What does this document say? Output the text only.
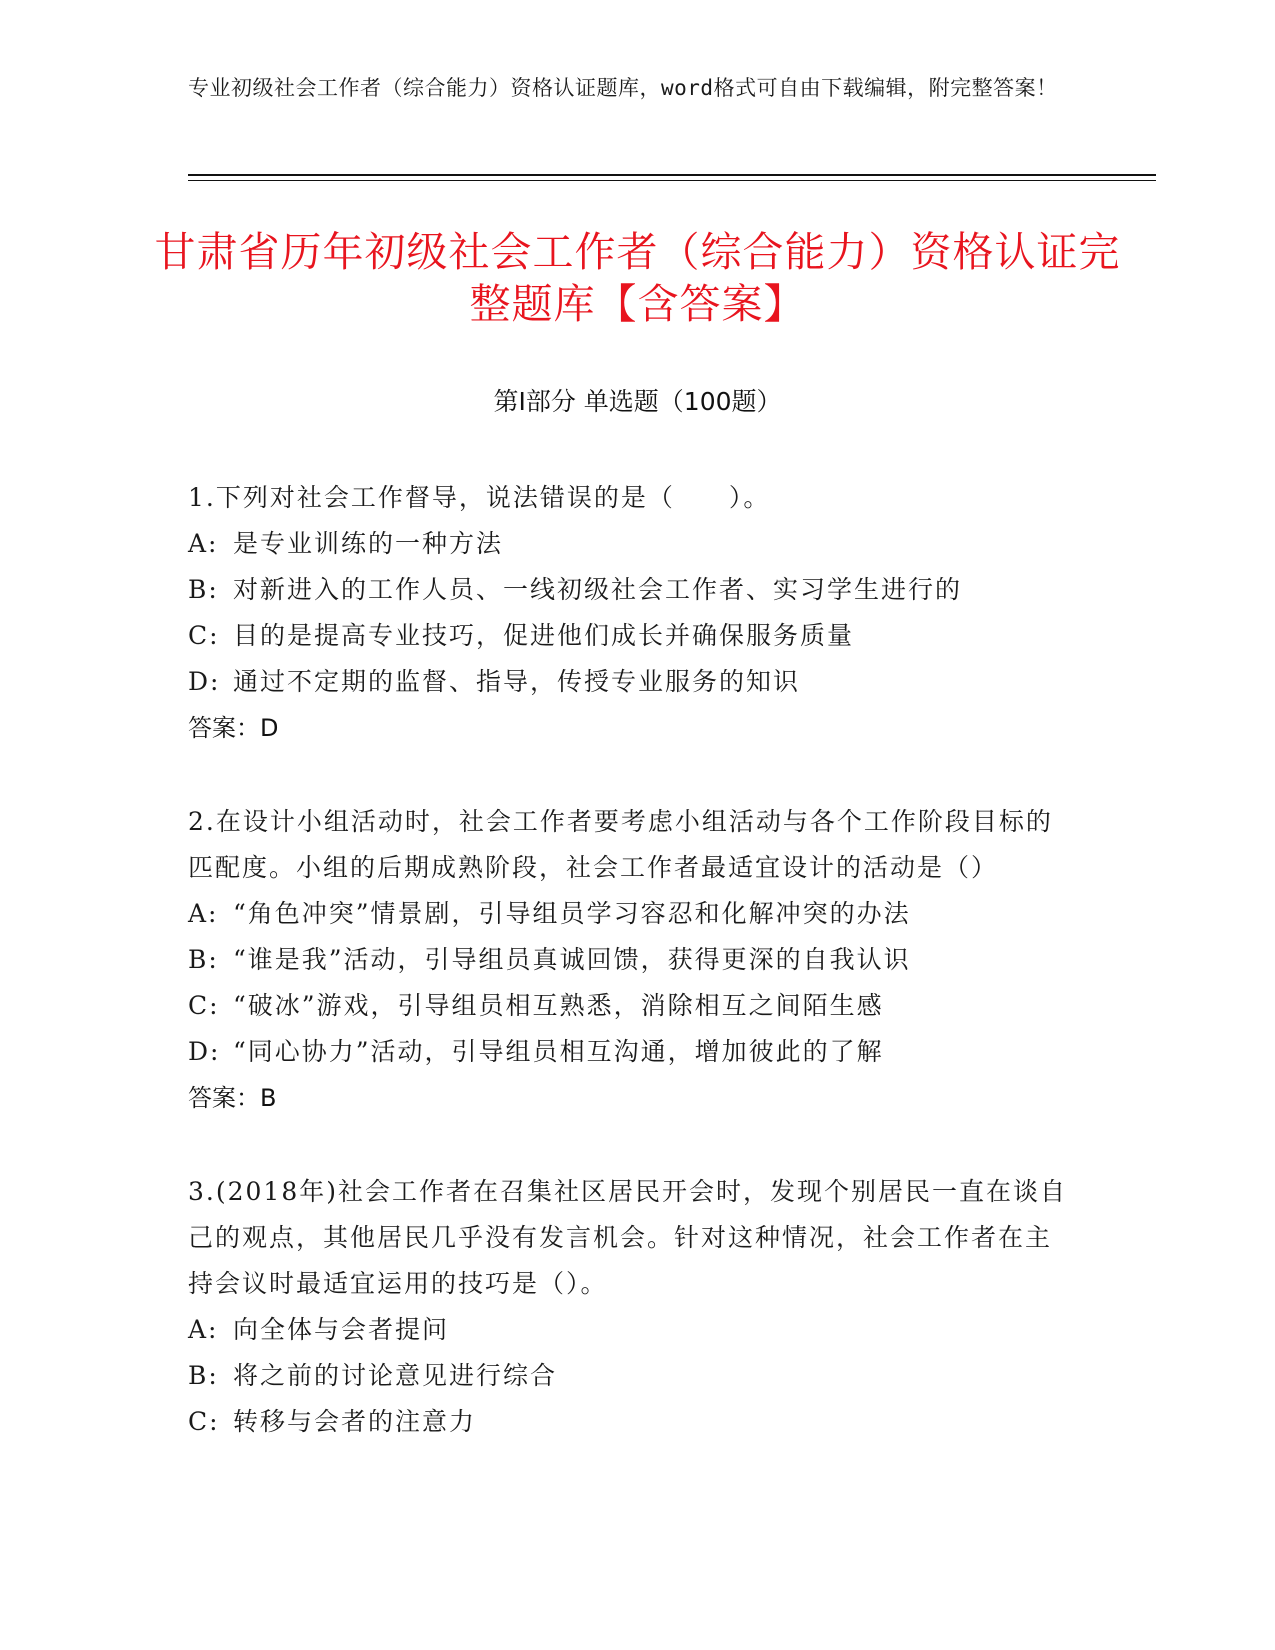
专业初级社会工作者（综合能力）资格认证题库，word格式可自由下载编辑，附完整答案！
甘肃省历年初级社会工作者（综合能力）资格认证完整题库【含答案】
第Ⅰ部分 单选题（100题）
1.下列对社会工作督导，说法错误的是（　　）。
A: 是专业训练的一种方法
B: 对新进入的工作人员、一线初级社会工作者、实习学生进行的
C: 目的是提高专业技巧，促进他们成长并确保服务质量
D: 通过不定期的监督、指导，传授专业服务的知识
答案：D
2.在设计小组活动时，社会工作者要考虑小组活动与各个工作阶段目标的匹配度。小组的后期成熟阶段，社会工作者最适宜设计的活动是（）
A: “角色冲突”情景剧，引导组员学习容忍和化解冲突的办法
B: “谁是我”活动，引导组员真诚回馈，获得更深的自我认识
C: “破冰”游戏，引导组员相互熟悉，消除相互之间陌生感
D: “同心协力”活动，引导组员相互沟通，增加彼此的了解
答案：B
3.(2018年)社会工作者在召集社区居民开会时，发现个别居民一直在谈自己的观点，其他居民几乎没有发言机会。针对这种情况，社会工作者在主持会议时最适宜运用的技巧是（）。
A: 向全体与会者提问
B: 将之前的讨论意见进行综合
C: 转移与会者的注意力
